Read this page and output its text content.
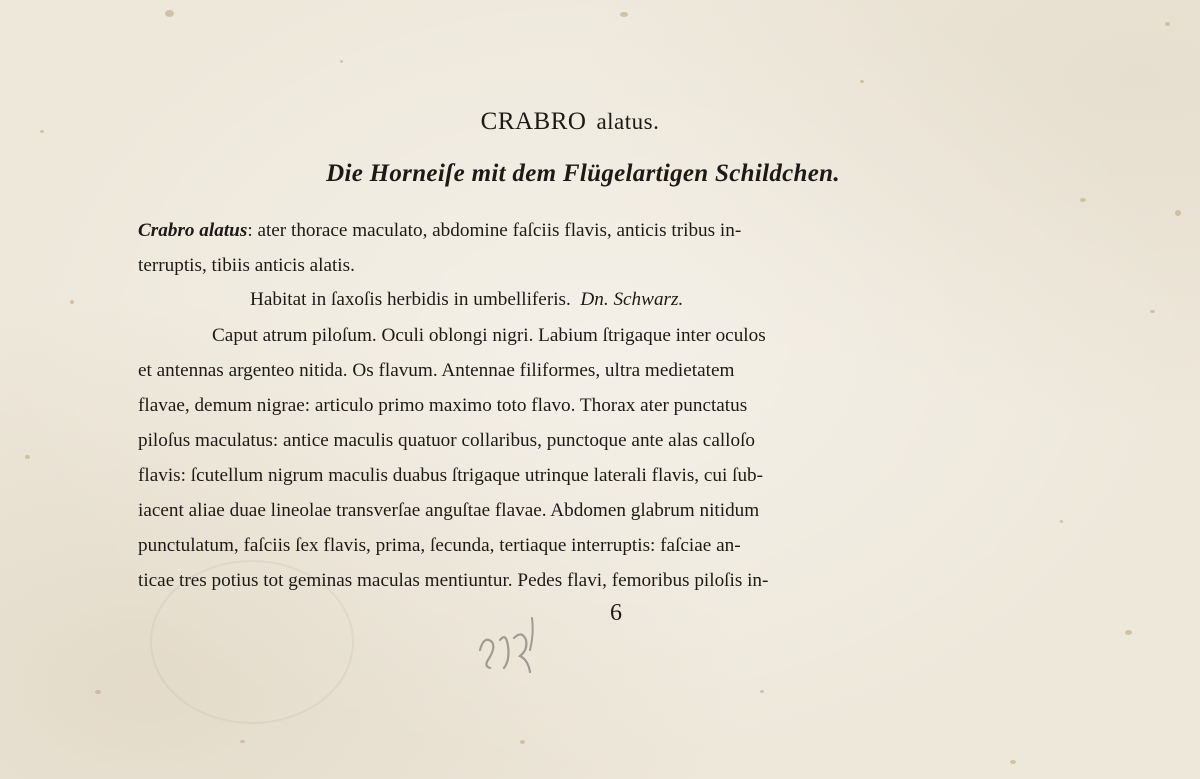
CRABRO alatus.
Die Horneiſe mit dem Flügelartigen Schildchen.
Crabro alatus: ater thorace maculato, abdomine faſciis flavis, anticis tribus in-
terruptis, tibiis anticis alatis.
Habitat in ſaxoſis herbidis in umbelliferis. Dn. Schwarz.
Caput atrum piloſum. Oculi oblongi nigri. Labium ſtrigaque inter oculos
et antennas argenteo nitida. Os flavum. Antennae filiformes, ultra medietatem
flavae, demum nigrae: articulo primo maximo toto flavo. Thorax ater punctatus
piloſus maculatus: antice maculis quatuor collaribus, punctoque ante alas calloſo
flavis: ſcutellum nigrum maculis duabus ſtrigaque utrinque laterali flavis, cui ſub-
iacent aliae duae lineolae transverſae anguſtae flavae. Abdomen glabrum nitidum
punctulatum, faſciis ſex flavis, prima, ſecunda, tertiaque interruptis: faſciae an-
ticae tres potius tot geminas maculas mentiuntur. Pedes flavi, femoribus piloſis in-
6
